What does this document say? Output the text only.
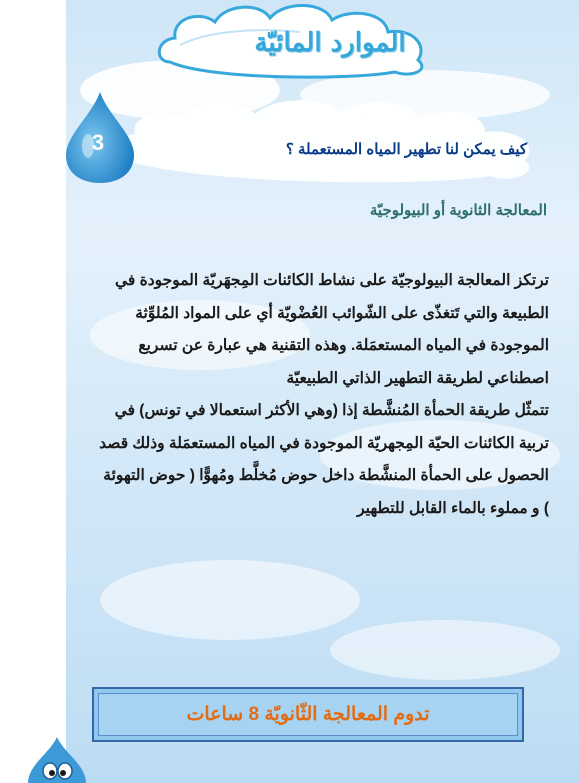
الموارد المائيّة
3	كيف يمكن لنا تطهير المياه المستعملة ؟
المعالجة الثانوية أو البيولوجيّة

ترتكز المعالجة البيولوجيّة على نشاط الكائنات المِجهَريّة الموجودة في الطبيعة والتي تَتغذّى على الشّوائب العُضْويّة أي على المواد المُلوِّثة الموجودة في المياه المستعمَلة. وهذه التقنية هي عبارة عن تسريع اصطناعي لطريقة التطهير الذاتي الطبيعيّة

تتمثّل طريقة الحمأة المُنشَّطة إذا (وهي الأكثر استعمالا في تونس) في تربية الكائنات الحيّة المِجهريّة الموجودة في المياه المستعمَلة وذلك قصد الحصول على الحمأة المنشَّطة داخل حوض مُخلَّط ومُهوًّا ( حوض التهوئة ) و مملوء بالماء القابل للتطهير

تدوم المعالجة الثّانويّة 8 ساعات
